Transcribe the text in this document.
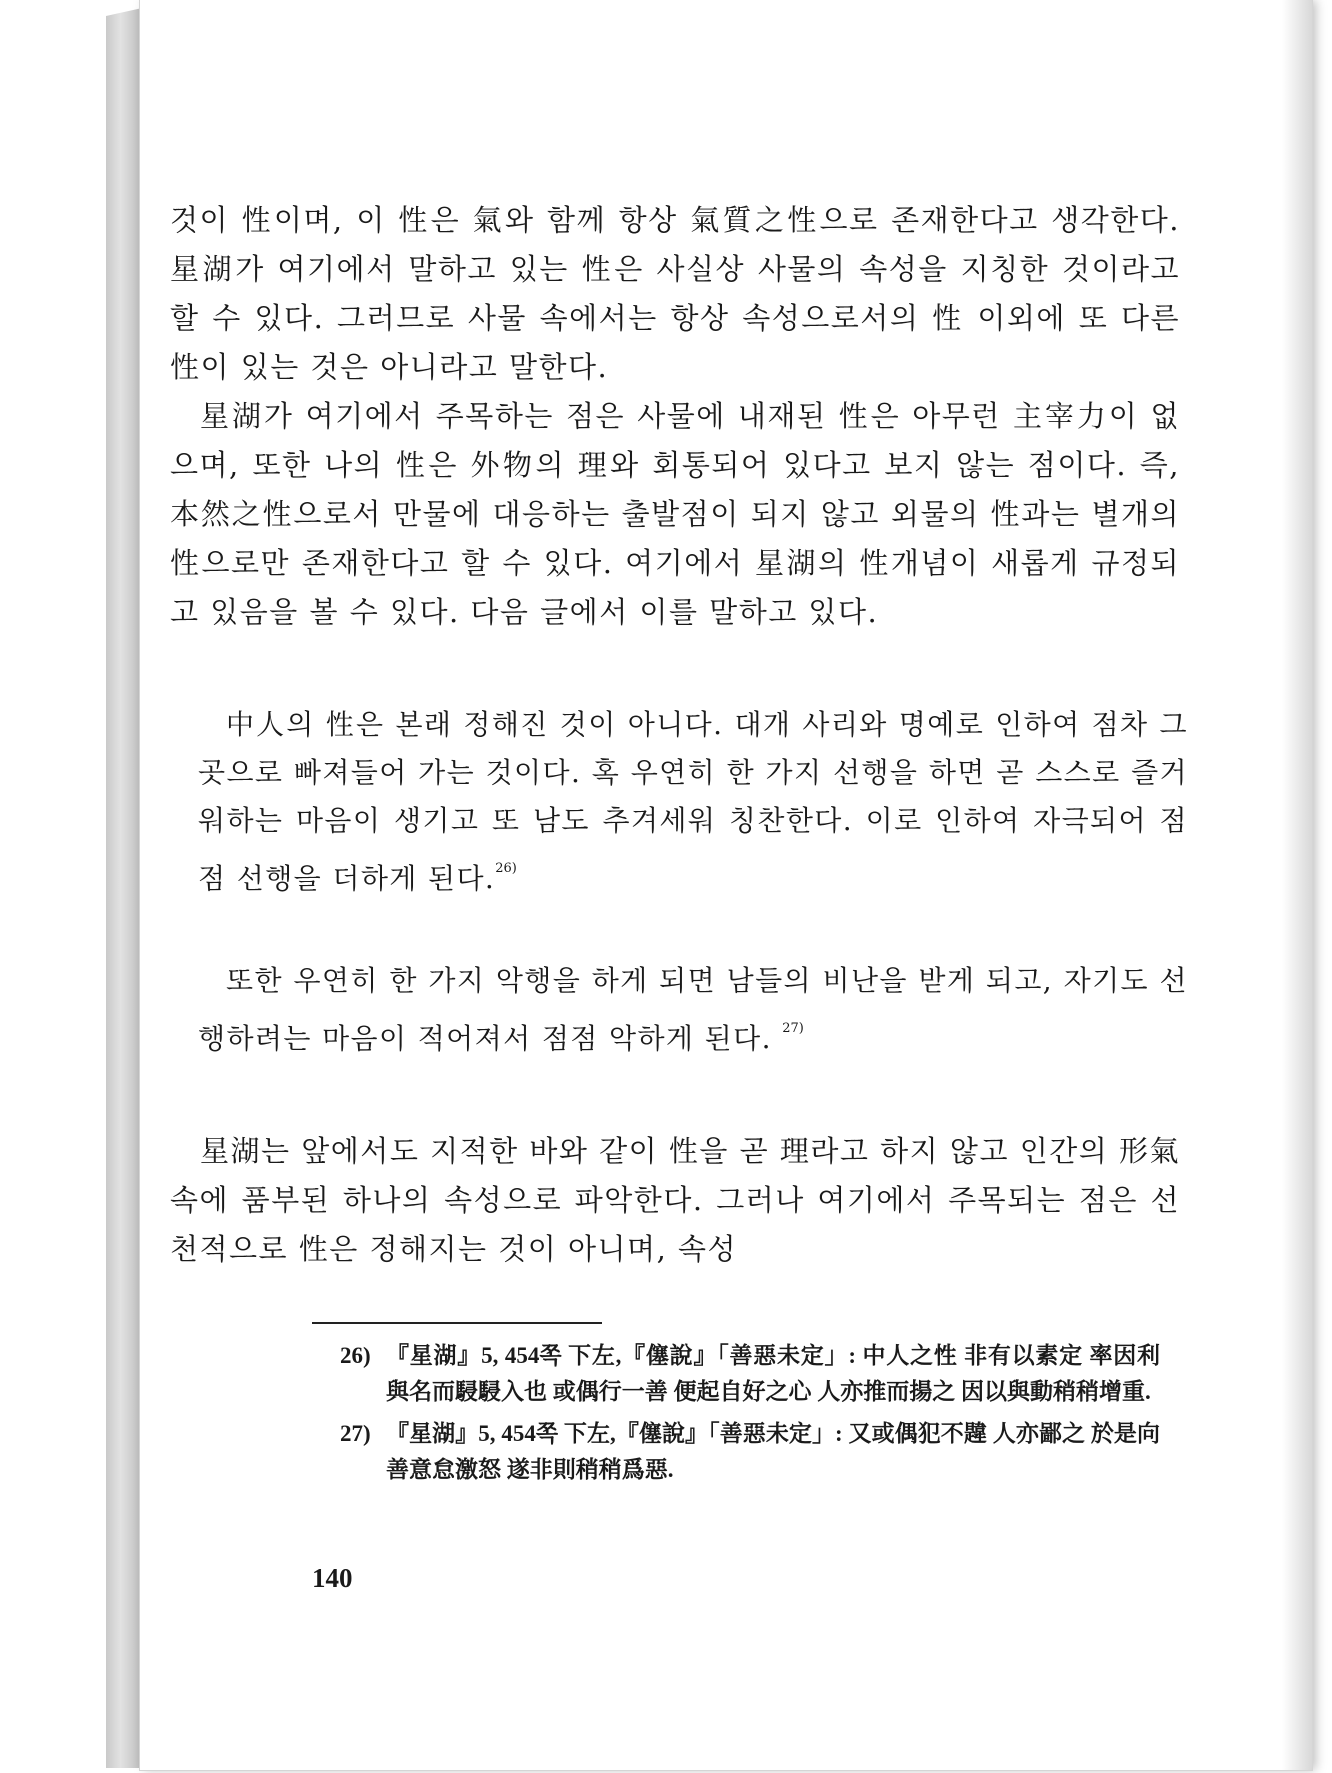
것이 性이며, 이 性은 氣와 함께 항상 氣質之性으로 존재한다고 생각한다. 星湖가 여기에서 말하고 있는 性은 사실상 사물의 속성을 지칭한 것이라고 할 수 있다. 그러므로 사물 속에서는 항상 속성으로서의 性 이외에 또 다른 性이 있는 것은 아니라고 말한다.

星湖가 여기에서 주목하는 점은 사물에 내재된 性은 아무런 主宰力이 없으며, 또한 나의 性은 外物의 理와 회통되어 있다고 보지 않는 점이다. 즉, 本然之性으로서 만물에 대응하는 출발점이 되지 않고 외물의 性과는 별개의 性으로만 존재한다고 할 수 있다. 여기에서 星湖의 性개념이 새롭게 규정되고 있음을 볼 수 있다. 다음 글에서 이를 말하고 있다.

中人의 性은 본래 정해진 것이 아니다. 대개 사리와 명예로 인하여 점차 그곳으로 빠져들어 가는 것이다. 혹 우연히 한 가지 선행을 하면 곧 스스로 즐거워하는 마음이 생기고 또 남도 추겨세워 칭찬한다. 이로 인하여 자극되어 점점 선행을 더하게 된다.$^{26)}$

또한 우연히 한 가지 악행을 하게 되면 남들의 비난을 받게 되고, 자기도 선행하려는 마음이 적어져서 점점 악하게 된다. $^{27)}$

星湖는 앞에서도 지적한 바와 같이 性을 곧 理라고 하지 않고 인간의 形氣 속에 품부된 하나의 속성으로 파악한다. 그러나 여기에서 주목되는 점은 선천적으로 性은 정해지는 것이 아니며, 속성

26) 『星湖』5, 454쪽 下左,『僿說』「善惡未定」: 中人之性 非有以素定 率因利 與名而駸駸入也 或偶行一善 便起自好之心 人亦推而揚之 因以與動稍稍增重.
27) 『星湖』5, 454쪽 下左,『僿說』「善惡未定」: 又或偶犯不韙 人亦鄙之 於是向善意怠激怒 遂非則稍稍爲惡.
140
